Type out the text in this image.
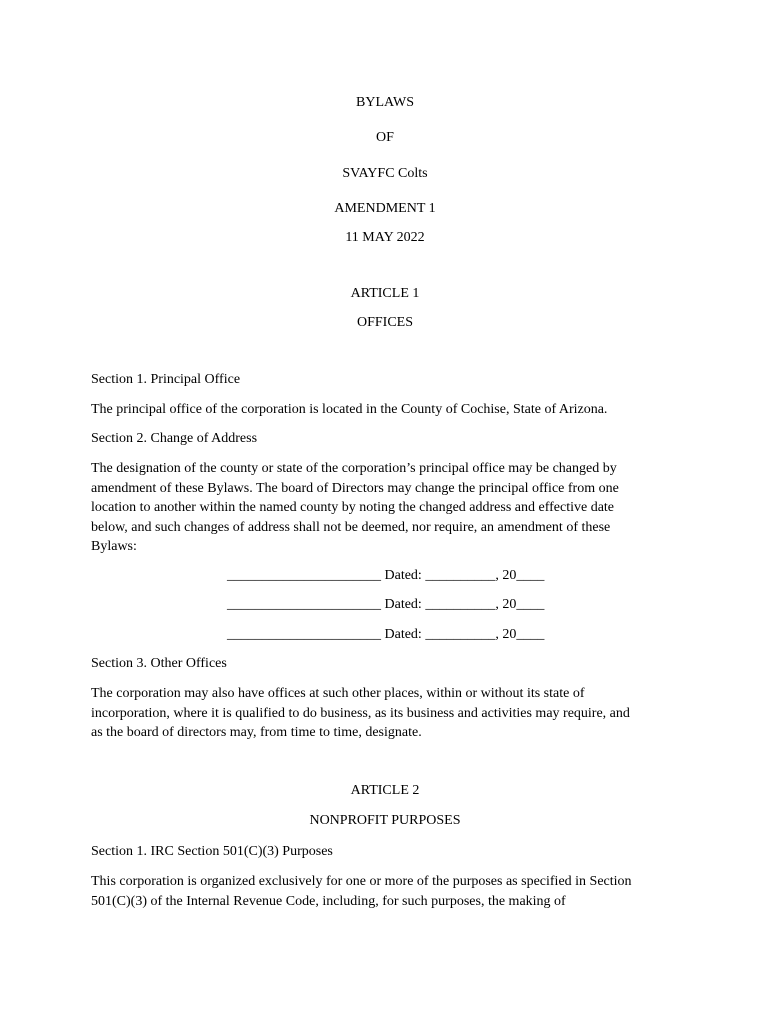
BYLAWS
OF
SVAYFC Colts
AMENDMENT 1
11 MAY 2022
ARTICLE 1
OFFICES
Section 1. Principal Office
The principal office of the corporation is located in the County of Cochise, State of Arizona.
Section 2. Change of Address
The designation of the county or state of the corporation’s principal office may be changed by
amendment of these Bylaws. The board of Directors may change the principal office from one
location to another within the named county by noting the changed address and effective date
below, and such changes of address shall not be deemed, nor require, an amendment of these
Bylaws:
______________________ Dated: __________, 20____
______________________ Dated: __________, 20____
______________________ Dated: __________, 20____
Section 3. Other Offices
The corporation may also have offices at such other places, within or without its state of
incorporation, where it is qualified to do business, as its business and activities may require, and
as the board of directors may, from time to time, designate.
ARTICLE 2
NONPROFIT PURPOSES
Section 1. IRC Section 501(C)(3) Purposes
This corporation is organized exclusively for one or more of the purposes as specified in Section
501(C)(3) of the Internal Revenue Code, including, for such purposes, the making of
